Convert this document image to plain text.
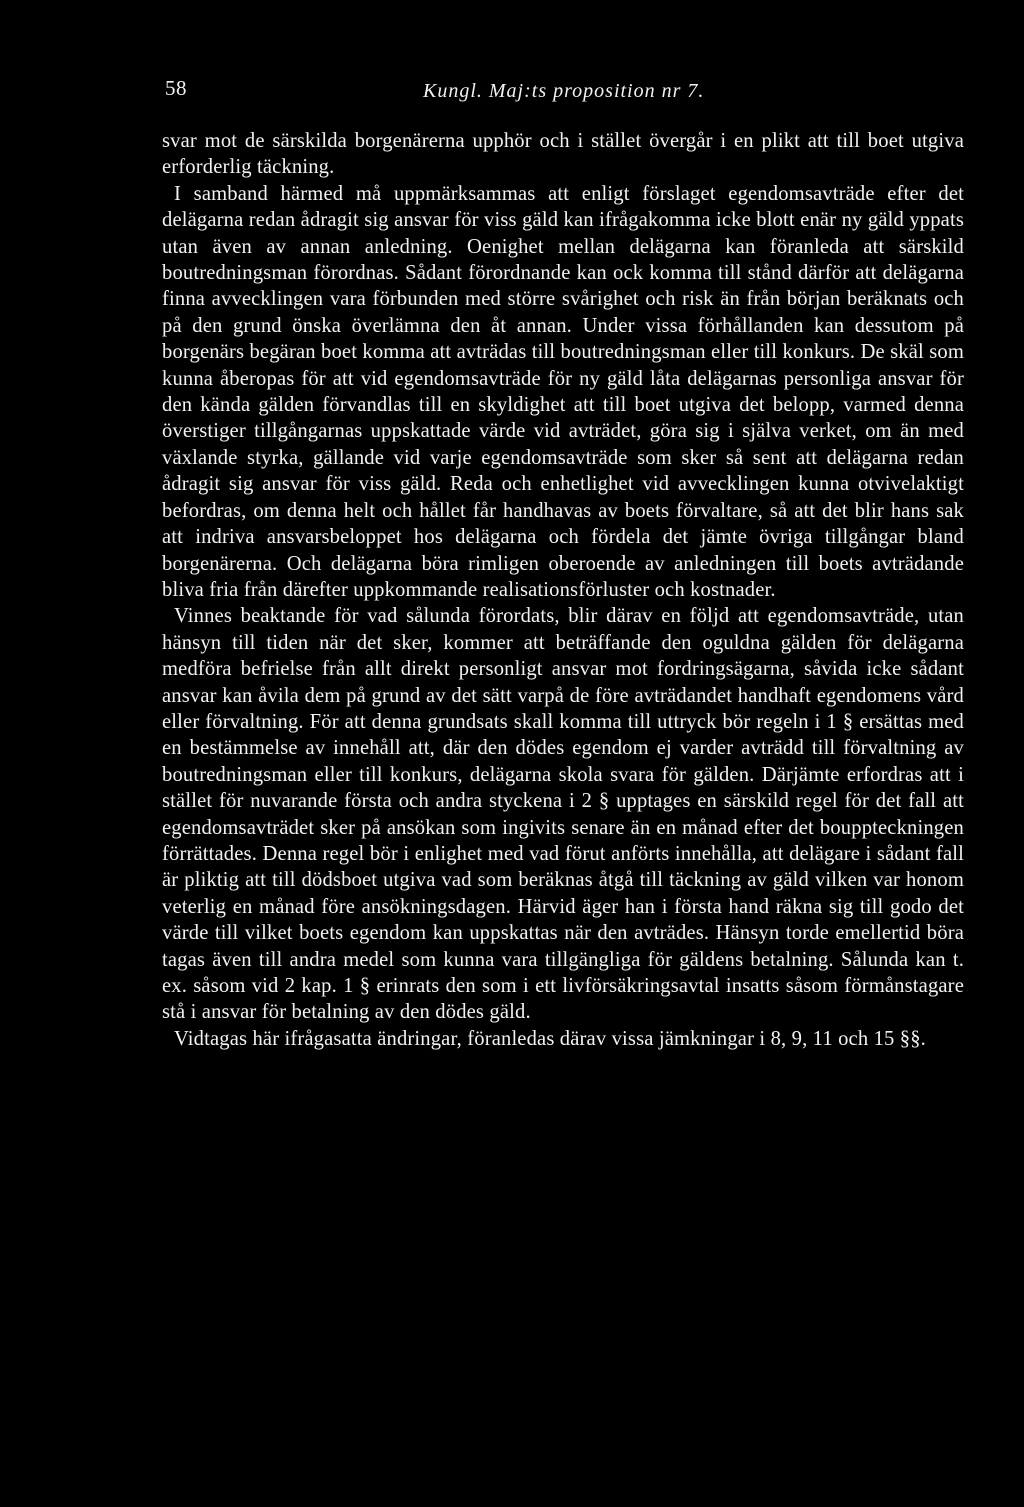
58	Kungl. Maj:ts proposition nr 7.

svar mot de särskilda borgenärerna upphör och i stället övergår i en plikt att till boet utgiva erforderlig täckning.

I samband härmed må uppmärksammas att enligt förslaget egendomsavträde efter det delägarna redan ådragit sig ansvar för viss gäld kan ifrågakomma icke blott enär ny gäld yppats utan även av annan anledning. Oenighet mellan delägarna kan föranleda att särskild boutredningsman förordnas. Sådant förordnande kan ock komma till stånd därför att delägarna finna avvecklingen vara förbunden med större svårighet och risk än från början beräknats och på den grund önska överlämna den åt annan. Under vissa förhållanden kan dessutom på borgenärs begäran boet komma att avträdas till boutredningsman eller till konkurs. De skäl som kunna åberopas för att vid egendomsavträde för ny gäld låta delägarnas personliga ansvar för den kända gälden förvandlas till en skyldighet att till boet utgiva det belopp, varmed denna överstiger tillgångarnas uppskattade värde vid avträdet, göra sig i själva verket, om än med växlande styrka, gällande vid varje egendomsavträde som sker så sent att delägarna redan ådragit sig ansvar för viss gäld. Reda och enhetlighet vid avvecklingen kunna otvivelaktigt befordras, om denna helt och hållet får handhavas av boets förvaltare, så att det blir hans sak att indriva ansvarsbeloppet hos delägarna och fördela det jämte övriga tillgångar bland borgenärerna. Och delägarna böra rimligen oberoende av anledningen till boets avträdande bliva fria från därefter uppkommande realisationsförluster och kostnader.

Vinnes beaktande för vad sålunda förordats, blir därav en följd att egendomsavträde, utan hänsyn till tiden när det sker, kommer att beträffande den oguldna gälden för delägarna medföra befrielse från allt direkt personligt ansvar mot fordringsägarna, såvida icke sådant ansvar kan åvila dem på grund av det sätt varpå de före avträdandet handhaft egendomens vård eller förvaltning. För att denna grundsats skall komma till uttryck bör regeln i 1 § ersättas med en bestämmelse av innehåll att, där den dödes egendom ej varder avträdd till förvaltning av boutredningsman eller till konkurs, delägarna skola svara för gälden. Därjämte erfordras att i stället för nuvarande första och andra styckena i 2 § upptages en särskild regel för det fall att egendomsavträdet sker på ansökan som ingivits senare än en månad efter det bouppteckningen förrättades. Denna regel bör i enlighet med vad förut anförts innehålla, att delägare i sådant fall är pliktig att till dödsboet utgiva vad som beräknas åtgå till täckning av gäld vilken var honom veterlig en månad före ansökningsdagen. Härvid äger han i första hand räkna sig till godo det värde till vilket boets egendom kan uppskattas när den avträdes. Hänsyn torde emellertid böra tagas även till andra medel som kunna vara tillgängliga för gäldens betalning. Sålunda kan t. ex. såsom vid 2 kap. 1 § erinrats den som i ett livförsäkringsavtal insatts såsom förmånstagare stå i ansvar för betalning av den dödes gäld.

Vidtagas här ifrågasatta ändringar, föranledas därav vissa jämkningar i 8, 9, 11 och 15 §§.
